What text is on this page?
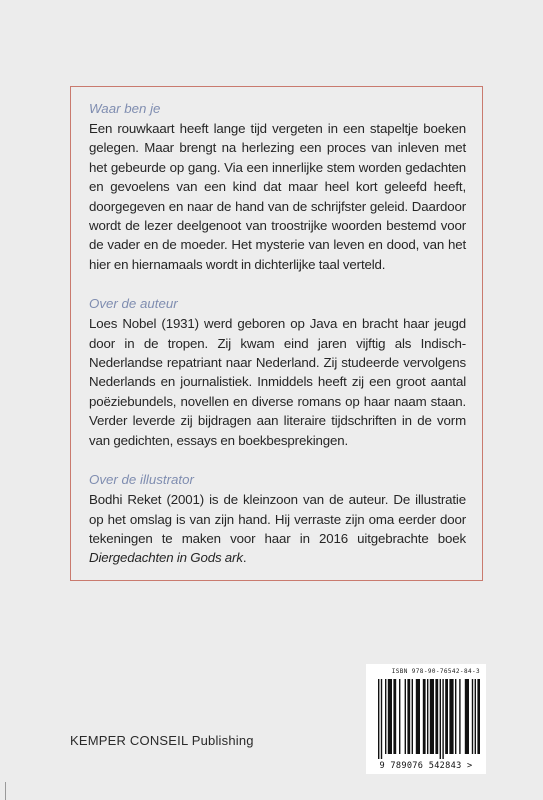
Waar ben je

Een rouwkaart heeft lange tijd vergeten in een stapeltje boeken gelegen. Maar brengt na herlezing een proces van inleven met het gebeurde op gang. Via een innerlijke stem worden gedachten en gevoelens van een kind dat maar heel kort geleefd heeft, doorgegeven en naar de hand van de schrijfster geleid. Daardoor wordt de lezer deelgenoot van troostrijke woorden bestemd voor de vader en de moeder. Het mysterie van leven en dood, van het hier en hiernamaals wordt in dichterlijke taal verteld.

Over de auteur

Loes Nobel (1931) werd geboren op Java en bracht haar jeugd door in de tropen. Zij kwam eind jaren vijftig als Indisch-Nederlandse repatriant naar Nederland. Zij studeerde vervolgens Nederlands en journalistiek. Inmiddels heeft zij een groot aantal poëziebundels, novellen en diverse romans op haar naam staan. Verder leverde zij bijdragen aan literaire tijdschriften in de vorm van gedichten, essays en boekbesprekingen.

Over de illustrator

Bodhi Reket (2001) is de kleinzoon van de auteur. De illustratie op het omslag is van zijn hand. Hij verraste zijn oma eerder door tekeningen te maken voor haar in 2016 uitgebrachte boek Diergedachten in Gods ark.

ISBN 978-90-76542-84-3
9 789076 542843 >
KEMPER CONSEIL Publishing
